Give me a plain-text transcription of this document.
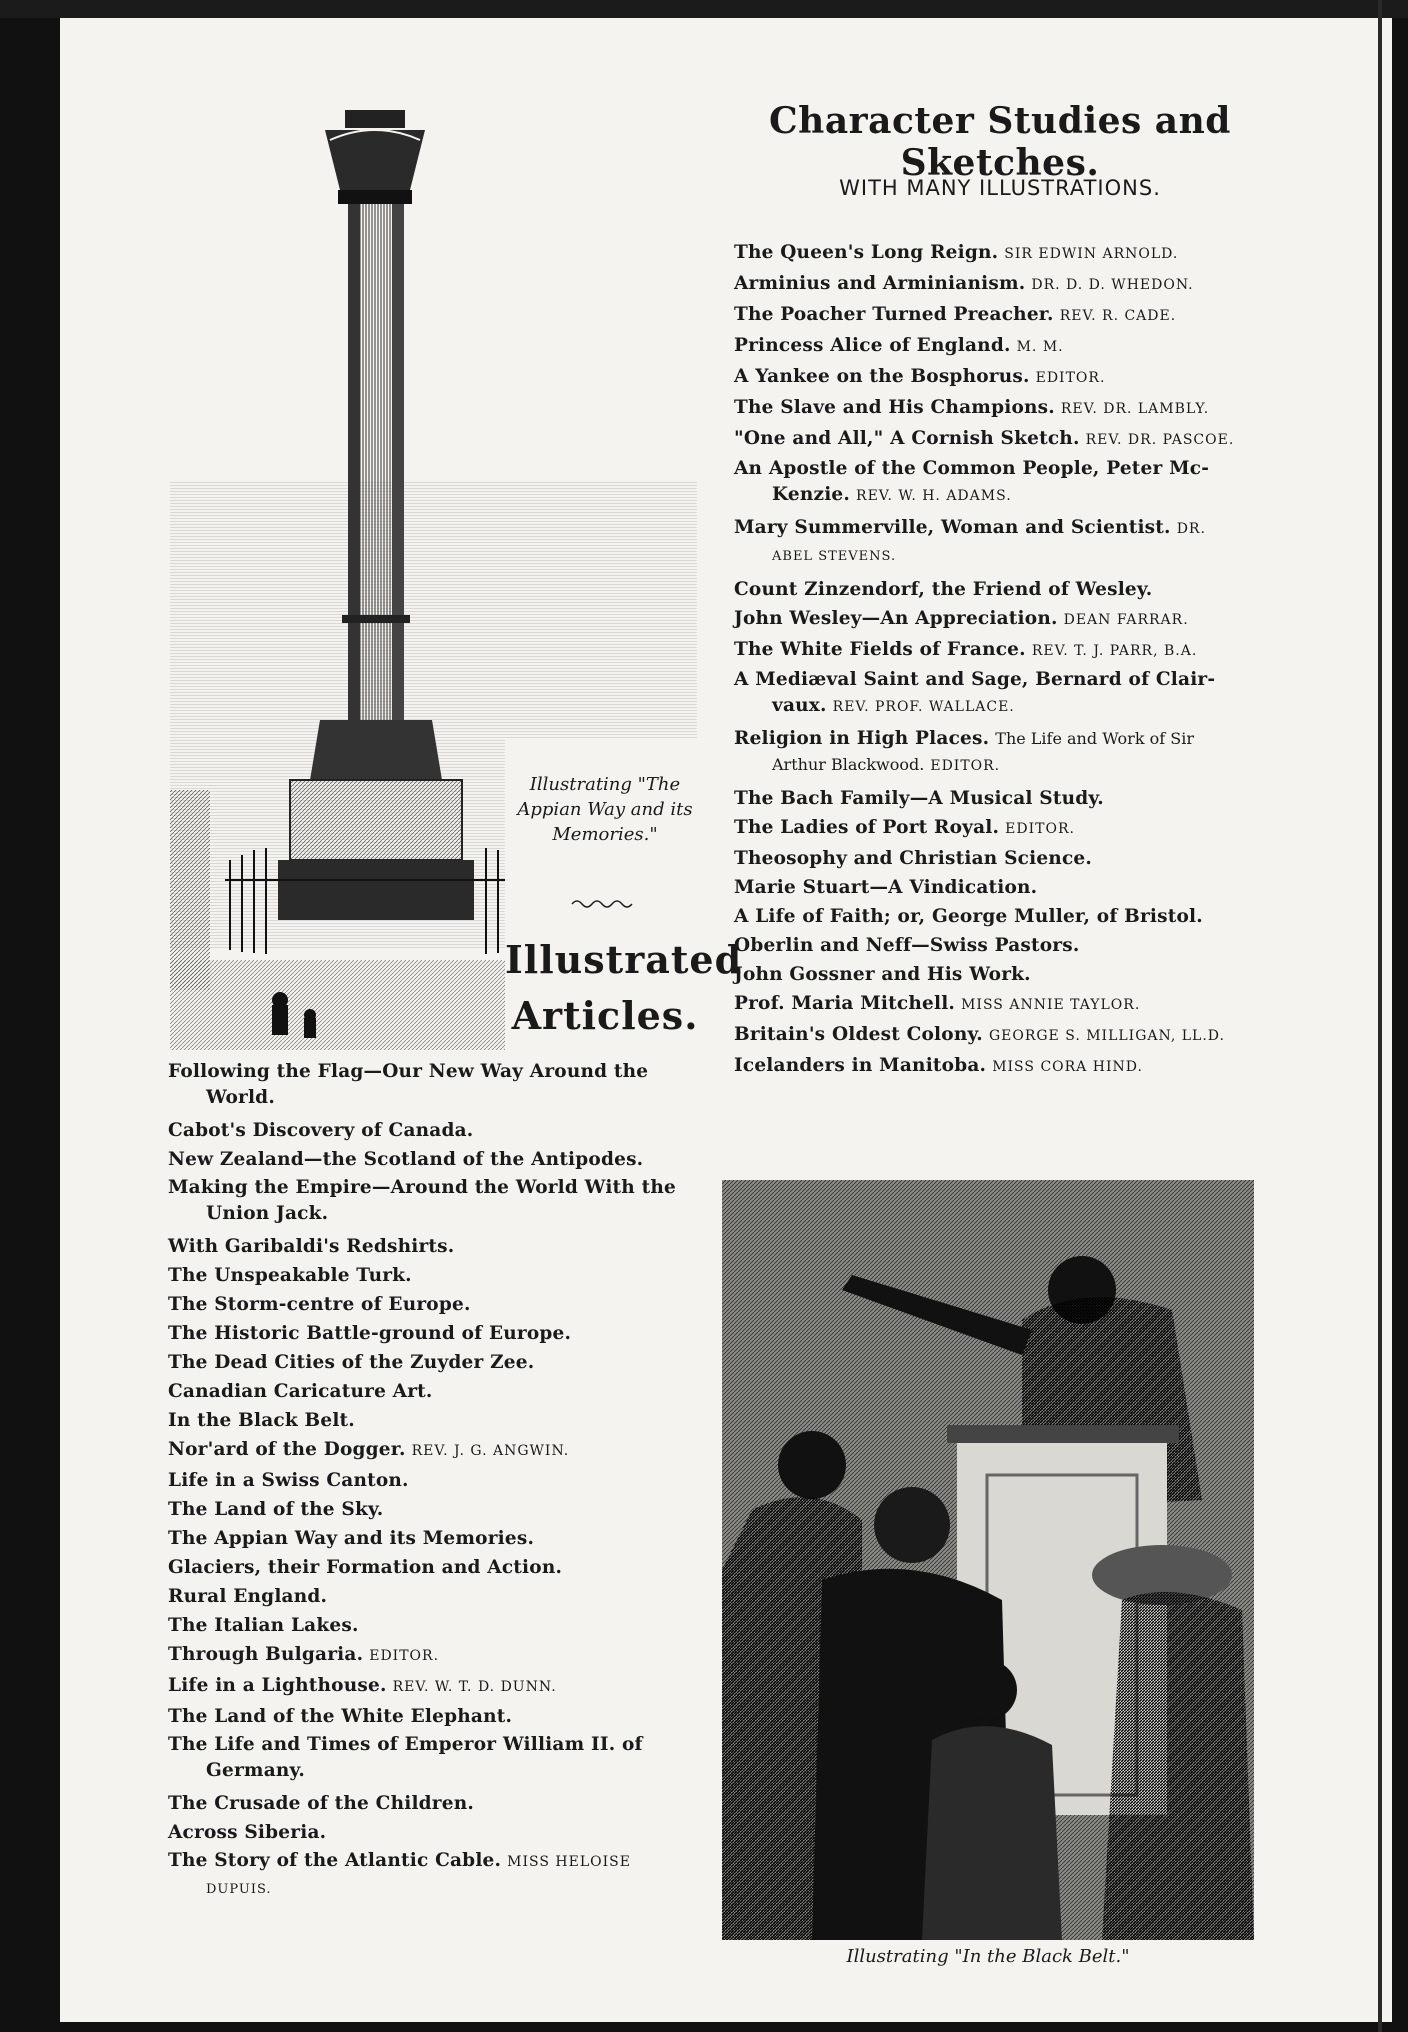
Illustrating "The Appian Way and its Memories."
Illustrated
Articles.
Following the Flag—Our New Way Around the
World.
Cabot's Discovery of Canada.
New Zealand—the Scotland of the Antipodes.
Making the Empire—Around the World With the
Union Jack.
With Garibaldi's Redshirts.
The Unspeakable Turk.
The Storm-centre of Europe.
The Historic Battle-ground of Europe.
The Dead Cities of the Zuyder Zee.
Canadian Caricature Art.
In the Black Belt.
Nor'ard of the Dogger. REV. J. G. ANGWIN.
Life in a Swiss Canton.
The Land of the Sky.
The Appian Way and its Memories.
Glaciers, their Formation and Action.
Rural England.
The Italian Lakes.
Through Bulgaria. EDITOR.
Life in a Lighthouse. REV. W. T. D. DUNN.
The Land of the White Elephant.
The Life and Times of Emperor William II. of
Germany.
The Crusade of the Children.
Across Siberia.
The Story of the Atlantic Cable. MISS HELOISE
DUPUIS.
Character Studies and Sketches.
WITH MANY ILLUSTRATIONS.
The Queen's Long Reign. SIR EDWIN ARNOLD.
Arminius and Arminianism. DR. D. D. WHEDON.
The Poacher Turned Preacher. REV. R. CADE.
Princess Alice of England. M. M.
A Yankee on the Bosphorus. EDITOR.
The Slave and His Champions. REV. DR. LAMBLY.
"One and All," A Cornish Sketch. REV. DR. PASCOE.
An Apostle of the Common People, Peter Mc-
Kenzie. REV. W. H. ADAMS.
Mary Summerville, Woman and Scientist. DR.
ABEL STEVENS.
Count Zinzendorf, the Friend of Wesley.
John Wesley—An Appreciation. DEAN FARRAR.
The White Fields of France. REV. T. J. PARR, B.A.
A Mediæval Saint and Sage, Bernard of Clair-
vaux. REV. PROF. WALLACE.
Religion in High Places. The Life and Work of Sir
Arthur Blackwood. EDITOR.
The Bach Family—A Musical Study.
The Ladies of Port Royal. EDITOR.
Theosophy and Christian Science.
Marie Stuart—A Vindication.
A Life of Faith; or, George Muller, of Bristol.
Oberlin and Neff—Swiss Pastors.
John Gossner and His Work.
Prof. Maria Mitchell. MISS ANNIE TAYLOR.
Britain's Oldest Colony. GEORGE S. MILLIGAN, LL.D.
Icelanders in Manitoba. MISS CORA HIND.
Illustrating "In the Black Belt."
